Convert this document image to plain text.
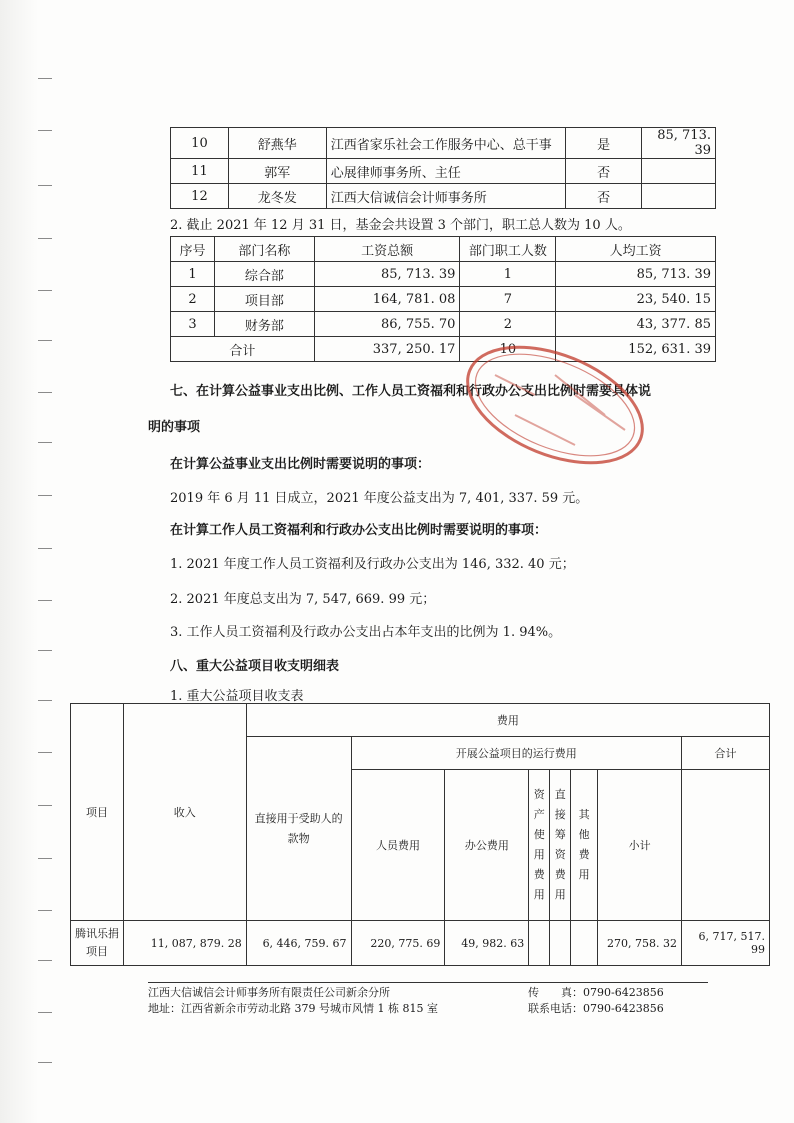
10	舒燕华	江西省家乐社会工作服务中心、总干事	是	85, 713. 39
11	郭军	心展律师事务所、主任	否	
12	龙冬发	江西大信诚信会计师事务所	否	
2. 截止 2021 年 12 月 31 日，基金会共设置 3 个部门，职工总人数为 10 人。
序号	部门名称	工资总额	部门职工人数	人均工资
1	综合部	85, 713. 39	1	85, 713. 39
2	项目部	164, 781. 08	7	23, 540. 15
3	财务部	86, 755. 70	2	43, 377. 85
合计		337, 250. 17	10	152, 631. 39
七、在计算公益事业支出比例、工作人员工资福利和行政办公支出比例时需要具体说
明的事项
在计算公益事业支出比例时需要说明的事项：
2019 年 6 月 11 日成立，2021 年度公益支出为 7, 401, 337. 59 元。
在计算工作人员工资福利和行政办公支出比例时需要说明的事项：
1. 2021 年度工作人员工资福利及行政办公支出为 146, 332. 40 元；
2. 2021 年度总支出为 7, 547, 669. 99 元；
3. 工作人员工资福利及行政办公支出占本年支出的比例为 1. 94%。
八、重大公益项目收支明细表
1. 重大公益项目收支表
项目	收入	费用							
		直接用于受助人的款物	开展公益项目的运行费用						合计
			人员费用	办公费用	资产使用费用	直接筹资费用	其他费用	小计	

腾讯乐捐项目	11, 087, 879. 28	6, 446, 759. 67	220, 775. 69	49, 982. 63				270, 758. 32	6, 717, 517. 99
江西大信诚信会计师事务所有限责任公司新余分所	传　　真：0790-6423856
地址：江西省新余市劳动北路 379 号城市风情 1 栋 815 室	联系电话：0790-6423856
